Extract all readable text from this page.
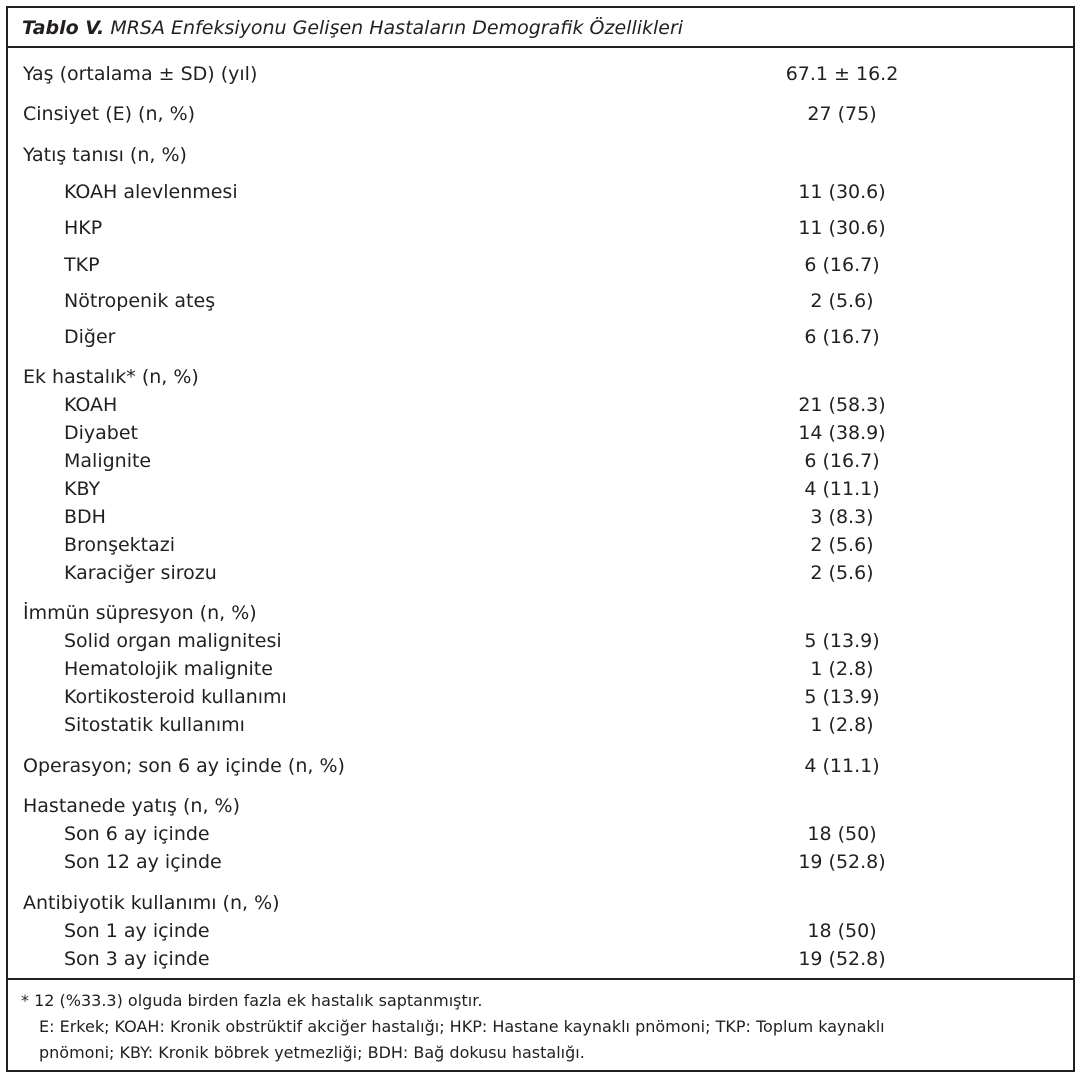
Tablo V. MRSA Enfeksiyonu Gelişen Hastaların Demografik Özellikleri
Yaş (ortalama ± SD) (yıl)	67.1 ± 16.2
Cinsiyet (E) (n, %)	27 (75)
Yatış tanısı (n, %)
KOAH alevlenmesi	11 (30.6)
HKP	11 (30.6)
TKP	6 (16.7)
Nötropenik ateş	2 (5.6)
Diğer	6 (16.7)
Ek hastalık* (n, %)
KOAH	21 (58.3)
Diyabet	14 (38.9)
Malignite	6 (16.7)
KBY	4 (11.1)
BDH	3 (8.3)
Bronşektazi	2 (5.6)
Karaciğer sirozu	2 (5.6)
İmmün süpresyon (n, %)
Solid organ malignitesi	5 (13.9)
Hematolojik malignite	1 (2.8)
Kortikosteroid kullanımı	5 (13.9)
Sitostatik kullanımı	1 (2.8)
Operasyon; son 6 ay içinde (n, %)	4 (11.1)
Hastanede yatış (n, %)
Son 6 ay içinde	18 (50)
Son 12 ay içinde	19 (52.8)
Antibiyotik kullanımı (n, %)
Son 1 ay içinde	18 (50)
Son 3 ay içinde	19 (52.8)
* 12 (%33.3) olguda birden fazla ek hastalık saptanmıştır.
E: Erkek; KOAH: Kronik obstrüktif akciğer hastalığı; HKP: Hastane kaynaklı pnömoni; TKP: Toplum kaynaklı
pnömoni; KBY: Kronik böbrek yetmezliği; BDH: Bağ dokusu hastalığı.
